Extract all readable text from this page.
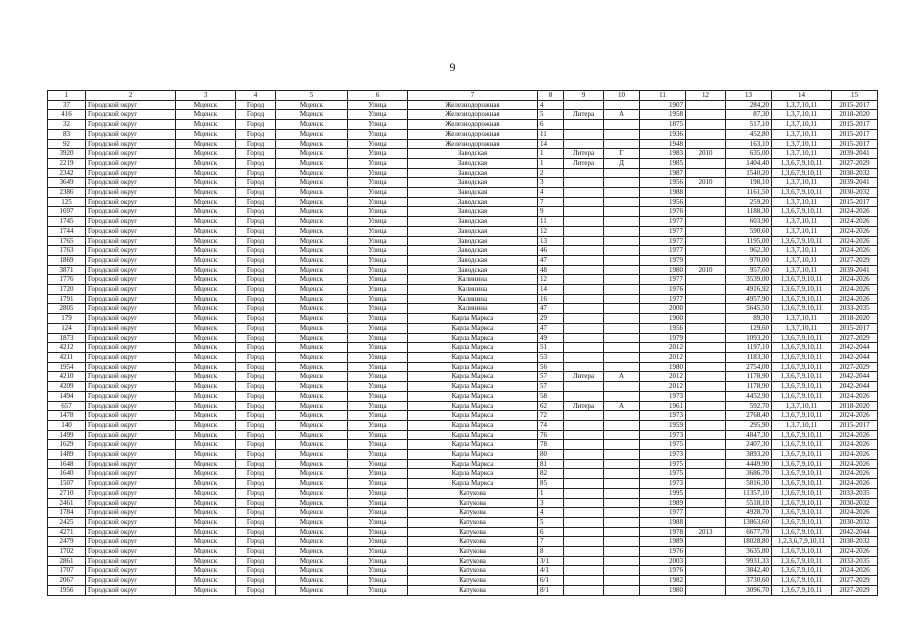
9
1	2	3	4	5	6	7	8	9	10	11	12	13	14	15
37	Городской округ	Мценск	Город	Мценск	Улица	Железнодорожная	4			1907		284,20	1,3,7,10,11	2015-2017
416	Городской округ	Мценск	Город	Мценск	Улица	Железнодорожная	5	Литера	А	1958		87,30	1,3,7,10,11	2018-2020
32	Городской округ	Мценск	Город	Мценск	Улица	Железнодорожная	6			1875		517,10	1,3,7,10,11	2015-2017
83	Городской округ	Мценск	Город	Мценск	Улица	Железнодорожная	11			1936		452,80	1,3,7,10,11	2015-2017
92	Городской округ	Мценск	Город	Мценск	Улица	Железнодорожная	14			1948		163,10	1,3,7,10,11	2015-2017
3920	Городской округ	Мценск	Город	Мценск	Улица	Заводская	1	Литера	Г	1983	2010	635,00	1,3,7,10,11	2039-2041
2219	Городской округ	Мценск	Город	Мценск	Улица	Заводская	1	Литера	Д	1985		1404,40	1,3,6,7,9,10,11	2027-2029
2342	Городской округ	Мценск	Город	Мценск	Улица	Заводская	2			1987		1540,20	1,3,6,7,9,10,11	2030-2032
3649	Городской округ	Мценск	Город	Мценск	Улица	Заводская	3			1956	2010	198,10	1,3,7,10,11	2039-2041
2386	Городской округ	Мценск	Город	Мценск	Улица	Заводская	4			1988		1161,50	1,3,6,7,9,10,11	2030-2032
125	Городской округ	Мценск	Город	Мценск	Улица	Заводская	7			1956		259,20	1,3,7,10,11	2015-2017
1697	Городской округ	Мценск	Город	Мценск	Улица	Заводская	9			1976		1188,30	1,3,6,7,9,10,11	2024-2026
1745	Городской округ	Мценск	Город	Мценск	Улица	Заводская	11			1977		603,90	1,3,7,10,11	2024-2026
1744	Городской округ	Мценск	Город	Мценск	Улица	Заводская	12			1977		590,60	1,3,7,10,11	2024-2026
1765	Городской округ	Мценск	Город	Мценск	Улица	Заводская	13			1977		1195,00	1,3,6,7,9,10,11	2024-2026
1763	Городской округ	Мценск	Город	Мценск	Улица	Заводская	46			1977		962,30	1,3,7,10,11	2024-2026
1869	Городской округ	Мценск	Город	Мценск	Улица	Заводская	47			1979		970,00	1,3,7,10,11	2027-2029
3871	Городской округ	Мценск	Город	Мценск	Улица	Заводская	48			1980	2010	957,60	1,3,7,10,11	2039-2041
1776	Городской округ	Мценск	Город	Мценск	Улица	Калинина	12			1977		3539,00	1,3,6,7,9,10,11	2024-2026
1720	Городской округ	Мценск	Город	Мценск	Улица	Калинина	14			1976		4916,92	1,3,6,7,9,10,11	2024-2026
1791	Городской округ	Мценск	Город	Мценск	Улица	Калинина	16			1977		4957,90	1,3,6,7,9,10,11	2024-2026
2805	Городской округ	Мценск	Город	Мценск	Улица	Калинина	47			2000		5645,50	1,3,6,7,9,10,11	2033-2035
179	Городской округ	Мценск	Город	Мценск	Улица	Карла Маркса	29			1900		89,30	1,3,7,10,11	2018-2020
124	Городской округ	Мценск	Город	Мценск	Улица	Карла Маркса	47			1956		129,60	1,3,7,10,11	2015-2017
1873	Городской округ	Мценск	Город	Мценск	Улица	Карла Маркса	49			1979		1093,20	1,3,6,7,9,10,11	2027-2029
4212	Городской округ	Мценск	Город	Мценск	Улица	Карла Маркса	51			2012		1197,10	1,3,6,7,9,10,11	2042-2044
4211	Городской округ	Мценск	Город	Мценск	Улица	Карла Маркса	53			2012		1183,30	1,3,6,7,9,10,11	2042-2044
1954	Городской округ	Мценск	Город	Мценск	Улица	Карла Маркса	56			1980		2754,00	1,3,6,7,9,10,11	2027-2029
4210	Городской округ	Мценск	Город	Мценск	Улица	Карла Маркса	57	Литера	А	2012		1178,90	1,3,6,7,9,10,11	2042-2044
4209	Городской округ	Мценск	Город	Мценск	Улица	Карла Маркса	57			2012		1178,90	1,3,6,7,9,10,11	2042-2044
1494	Городской округ	Мценск	Город	Мценск	Улица	Карла Маркса	58			1973		4452,90	1,3,6,7,9,10,11	2024-2026
657	Городской округ	Мценск	Город	Мценск	Улица	Карла Маркса	62	Литера	А	1961		592,70	1,3,7,10,11	2018-2020
1478	Городской округ	Мценск	Город	Мценск	Улица	Карла Маркса	72			1973		2768,40	1,3,6,7,9,10,11	2024-2026
140	Городской округ	Мценск	Город	Мценск	Улица	Карла Маркса	74			1959		295,90	1,3,7,10,11	2015-2017
1499	Городской округ	Мценск	Город	Мценск	Улица	Карла Маркса	76			1973		4847,30	1,3,6,7,9,10,11	2024-2026
1629	Городской округ	Мценск	Город	Мценск	Улица	Карла Маркса	78			1975		2407,30	1,3,6,7,9,10,11	2024-2026
1489	Городской округ	Мценск	Город	Мценск	Улица	Карла Маркса	80			1973		3893,20	1,3,6,7,9,10,11	2024-2026
1648	Городской округ	Мценск	Город	Мценск	Улица	Карла Маркса	81			1975		4449,90	1,3,6,7,9,10,11	2024-2026
1640	Городской округ	Мценск	Город	Мценск	Улица	Карла Маркса	82			1975		3686,70	1,3,6,7,9,10,11	2024-2026
1507	Городской округ	Мценск	Город	Мценск	Улица	Карла Маркса	85			1973		5816,30	1,3,6,7,9,10,11	2024-2026
2710	Городской округ	Мценск	Город	Мценск	Улица	Катукова	1			1995		11357,10	1,3,6,7,9,10,11	2033-2035
2461	Городской округ	Мценск	Город	Мценск	Улица	Катукова	3			1989		5518,10	1,3,6,7,9,10,11	2030-2032
1784	Городской округ	Мценск	Город	Мценск	Улица	Катукова	4			1977		4928,70	1,3,6,7,9,10,11	2024-2026
2425	Городской округ	Мценск	Город	Мценск	Улица	Катукова	5			1988		13863,60	1,3,6,7,9,10,11	2030-2032
4271	Городской округ	Мценск	Город	Мценск	Улица	Катукова	6			1978	2013	6677,70	1,3,6,7,9,10,11	2042-2044
2479	Городской округ	Мценск	Город	Мценск	Улица	Катукова	7			1989		18028,80	1,2,3,6,7,9,10,11	2030-2032
1702	Городской округ	Мценск	Город	Мценск	Улица	Катукова	8			1976		3635,80	1,3,6,7,9,10,11	2024-2026
2861	Городской округ	Мценск	Город	Мценск	Улица	Катукова	3/1			2003		9931,33	1,3,6,7,9,10,11	2033-2035
1707	Городской округ	Мценск	Город	Мценск	Улица	Катукова	4/1			1976		3842,40	1,3,6,7,9,10,11	2024-2026
2067	Городской округ	Мценск	Город	Мценск	Улица	Катукова	6/1			1982		3730,60	1,3,6,7,9,10,11	2027-2029
1956	Городской округ	Мценск	Город	Мценск	Улица	Катукова	8/1			1980		3096,70	1,3,6,7,9,10,11	2027-2029
